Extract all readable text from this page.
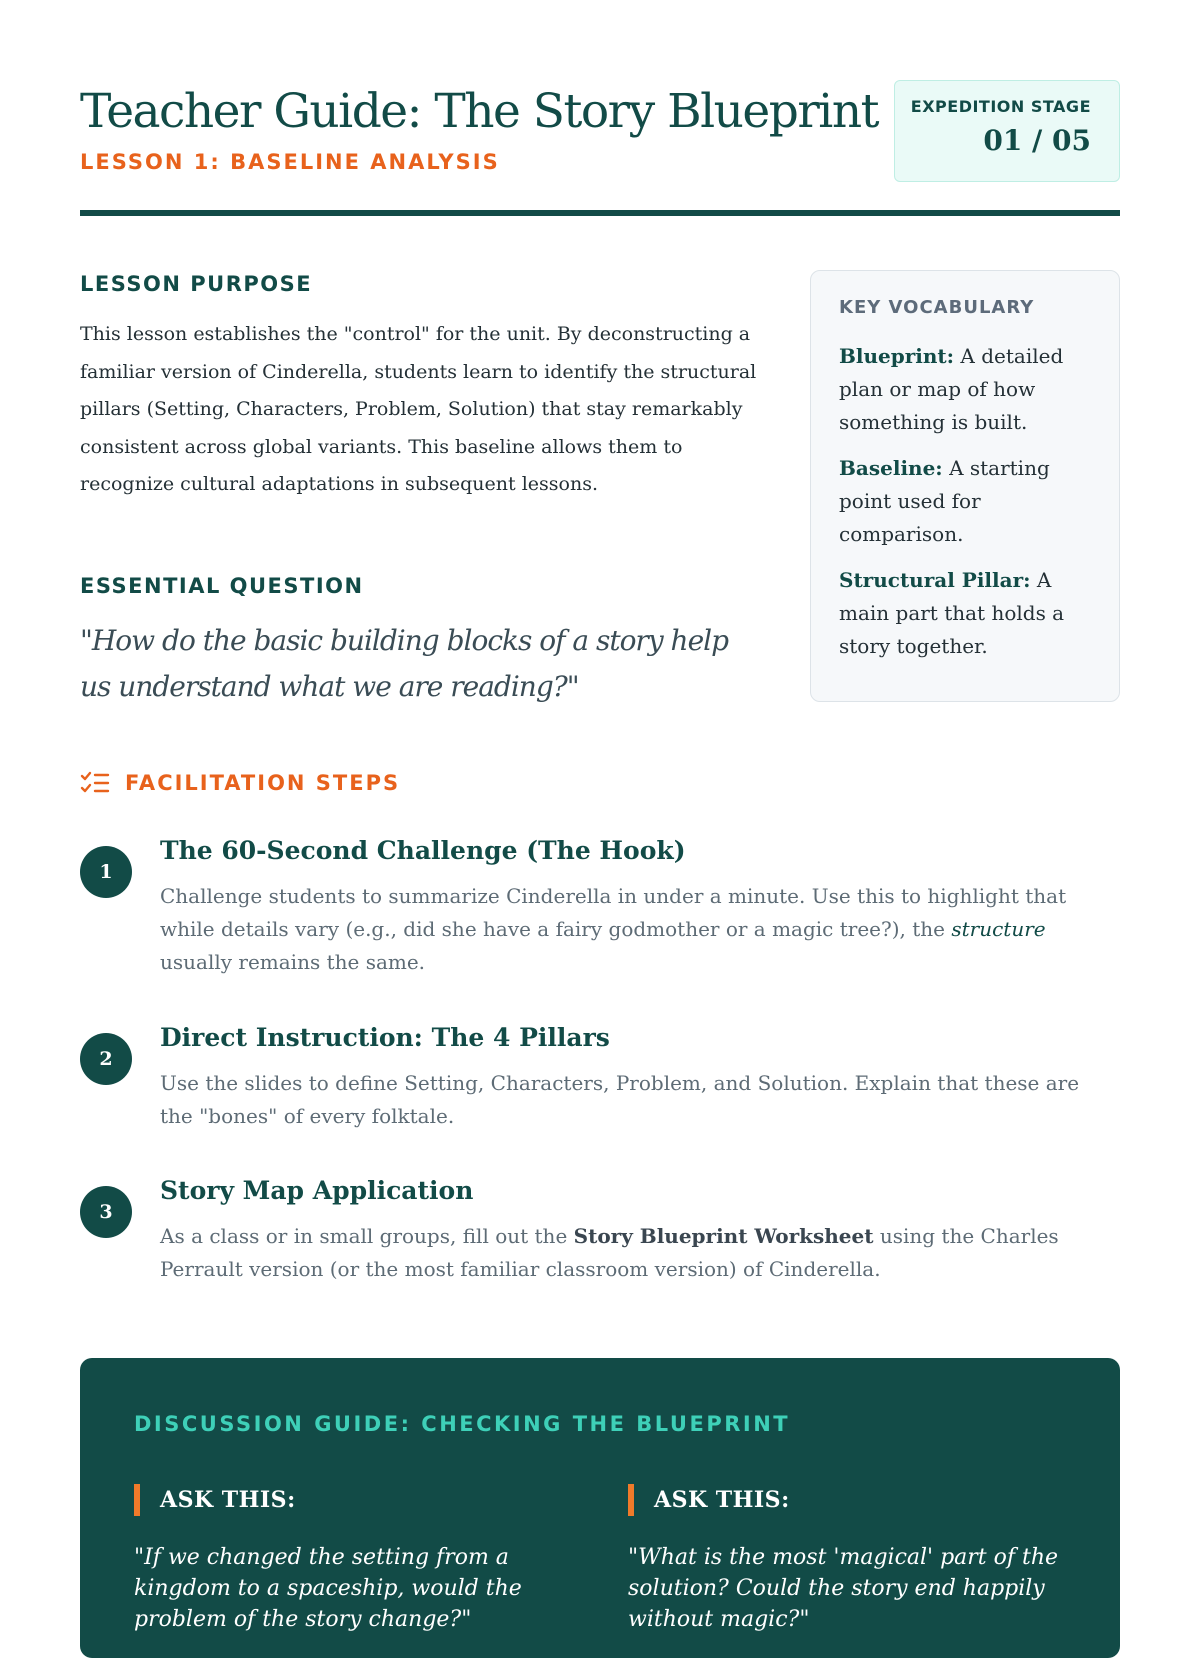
Teacher Guide: The Story Blueprint
LESSON 1: BASELINE ANALYSIS
EXPEDITION STAGE
01 / 05
LESSON PURPOSE

This lesson establishes the "control" for the unit. By deconstructing a familiar version of Cinderella, students learn to identify the structural pillars (Setting, Characters, Problem, Solution) that stay remarkably consistent across global variants. This baseline allows them to recognize cultural adaptations in subsequent lessons.

ESSENTIAL QUESTION

"How do the basic building blocks of a story help us understand what we are reading?"

KEY VOCABULARY

Blueprint: A detailed plan or map of how something is built.

Baseline: A starting point used for comparison.

Structural Pillar: A main part that holds a story together.

FACILITATION STEPS
1
The 60-Second Challenge (The Hook)

Challenge students to summarize Cinderella in under a minute. Use this to highlight that while details vary (e.g., did she have a fairy godmother or a magic tree?), the structure usually remains the same.

2
Direct Instruction: The 4 Pillars

Use the slides to define Setting, Characters, Problem, and Solution. Explain that these are the "bones" of every folktale.

3
Story Map Application

As a class or in small groups, fill out the Story Blueprint Worksheet using the Charles Perrault version (or the most familiar classroom version) of Cinderella.

DISCUSSION GUIDE: CHECKING THE BLUEPRINT
ASK THIS:

"If we changed the setting from a kingdom to a spaceship, would the problem of the story change?"

ASK THIS:

"What is the most 'magical' part of the solution? Could the story end happily without magic?"
